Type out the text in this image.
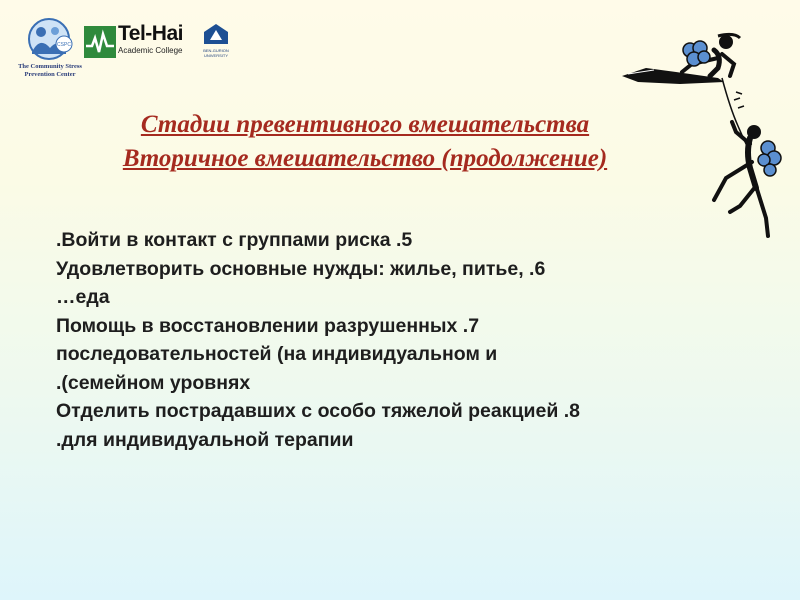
CSPC
The Community Stress
Prevention Center
Tel-Hai
Academic College	BEN-GURION
UNIVERSITY
Стадии превентивного вмешательства
Вторичное вмешательство (продолжение)
.Войти в контакт с группами риска .5
Удовлетворить основные нужды: жилье, питье, .6
…еда
Помощь в восстановлении разрушенных .7
последовательностей (на индивидуальном и
.(семейном уровнях
Отделить пострадавших с особо тяжелой реакцией .8
.для индивидуальной терапии
